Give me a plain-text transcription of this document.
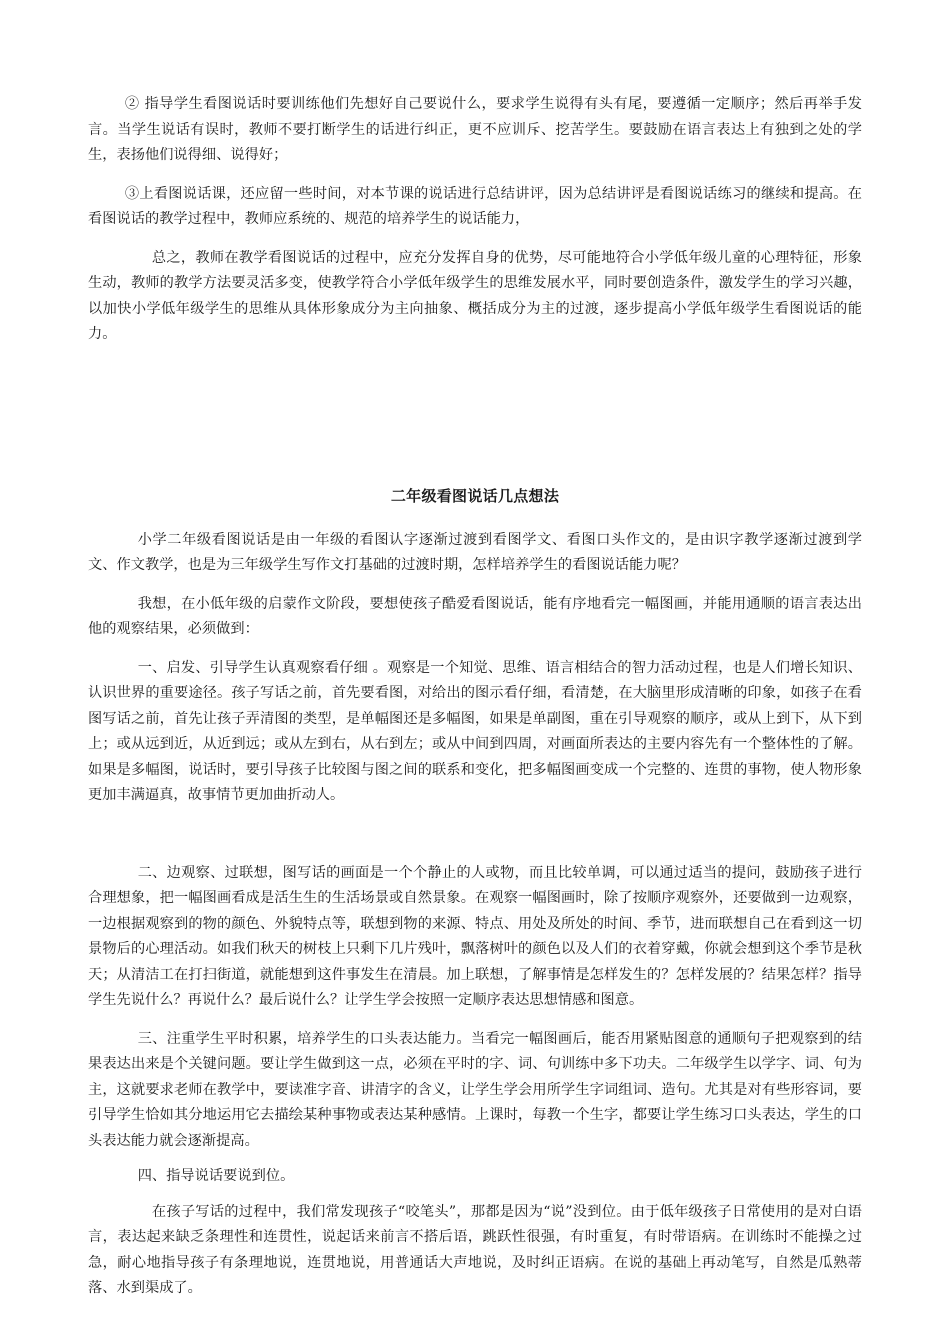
② 指导学生看图说话时要训练他们先想好自己要说什么，要求学生说得有头有尾，要遵循一定顺序；然后再举手发言。当学生说话有误时，教师不要打断学生的话进行纠正，更不应训斥、挖苦学生。要鼓励在语言表达上有独到之处的学生，表扬他们说得细、说得好；

③上看图说话课，还应留一些时间，对本节课的说话进行总结讲评，因为总结讲评是看图说话练习的继续和提高。在看图说话的教学过程中，教师应系统的、规范的培养学生的说话能力，

总之，教师在教学看图说话的过程中，应充分发挥自身的优势，尽可能地符合小学低年级儿童的心理特征，形象生动，教师的教学方法要灵活多变，使教学符合小学低年级学生的思维发展水平，同时要创造条件，激发学生的学习兴趣，以加快小学低年级学生的思维从具体形象成分为主向抽象、概括成分为主的过渡，逐步提高小学低年级学生看图说话的能力。

二年级看图说话几点想法

小学二年级看图说话是由一年级的看图认字逐渐过渡到看图学文、看图口头作文的，是由识字教学逐渐过渡到学文、作文教学，也是为三年级学生写作文打基础的过渡时期，怎样培养学生的看图说话能力呢？

我想，在小低年级的启蒙作文阶段，要想使孩子酷爱看图说话，能有序地看完一幅图画，并能用通顺的语言表达出他的观察结果，必须做到：

一、启发、引导学生认真观察看仔细 。观察是一个知觉、思维、语言相结合的智力活动过程，也是人们增长知识、认识世界的重要途径。孩子写话之前，首先要看图，对给出的图示看仔细，看清楚，在大脑里形成清晰的印象，如孩子在看图写话之前，首先让孩子弄清图的类型，是单幅图还是多幅图，如果是单副图，重在引导观察的顺序，或从上到下，从下到上；或从远到近，从近到远；或从左到右，从右到左；或从中间到四周，对画面所表达的主要内容先有一个整体性的了解。如果是多幅图，说话时，要引导孩子比较图与图之间的联系和变化，把多幅图画变成一个完整的、连贯的事物，使人物形象更加丰满逼真，故事情节更加曲折动人。

二、边观察、过联想，图写话的画面是一个个静止的人或物，而且比较单调，可以通过适当的提问，鼓励孩子进行合理想象，把一幅图画看成是活生生的生活场景或自然景象。在观察一幅图画时，除了按顺序观察外，还要做到一边观察，一边根据观察到的物的颜色、外貌特点等，联想到物的来源、特点、用处及所处的时间、季节，进而联想自己在看到这一切景物后的心理活动。如我们秋天的树枝上只剩下几片残叶，飘落树叶的颜色以及人们的衣着穿戴，你就会想到这个季节是秋天；从清洁工在打扫街道，就能想到这件事发生在清晨。加上联想，了解事情是怎样发生的？怎样发展的？结果怎样？指导学生先说什么？再说什么？最后说什么？让学生学会按照一定顺序表达思想情感和图意。

三、注重学生平时积累，培养学生的口头表达能力。当看完一幅图画后，能否用紧贴图意的通顺句子把观察到的结果表达出来是个关键问题。要让学生做到这一点，必须在平时的字、词、句训练中多下功夫。二年级学生以学字、词、句为主，这就要求老师在教学中，要读准字音、讲清字的含义，让学生学会用所学生字词组词、造句。尤其是对有些形容词，要引导学生恰如其分地运用它去描绘某种事物或表达某种感情。上课时，每教一个生字，都要让学生练习口头表达，学生的口头表达能力就会逐渐提高。

四、指导说话要说到位。

在孩子写话的过程中，我们常发现孩子“咬笔头”，那都是因为“说”没到位。由于低年级孩子日常使用的是对白语言，表达起来缺乏条理性和连贯性，说起话来前言不搭后语，跳跃性很强，有时重复，有时带语病。在训练时不能操之过急，耐心地指导孩子有条理地说，连贯地说，用普通话大声地说，及时纠正语病。在说的基础上再动笔写，自然是瓜熟蒂落、水到渠成了。
